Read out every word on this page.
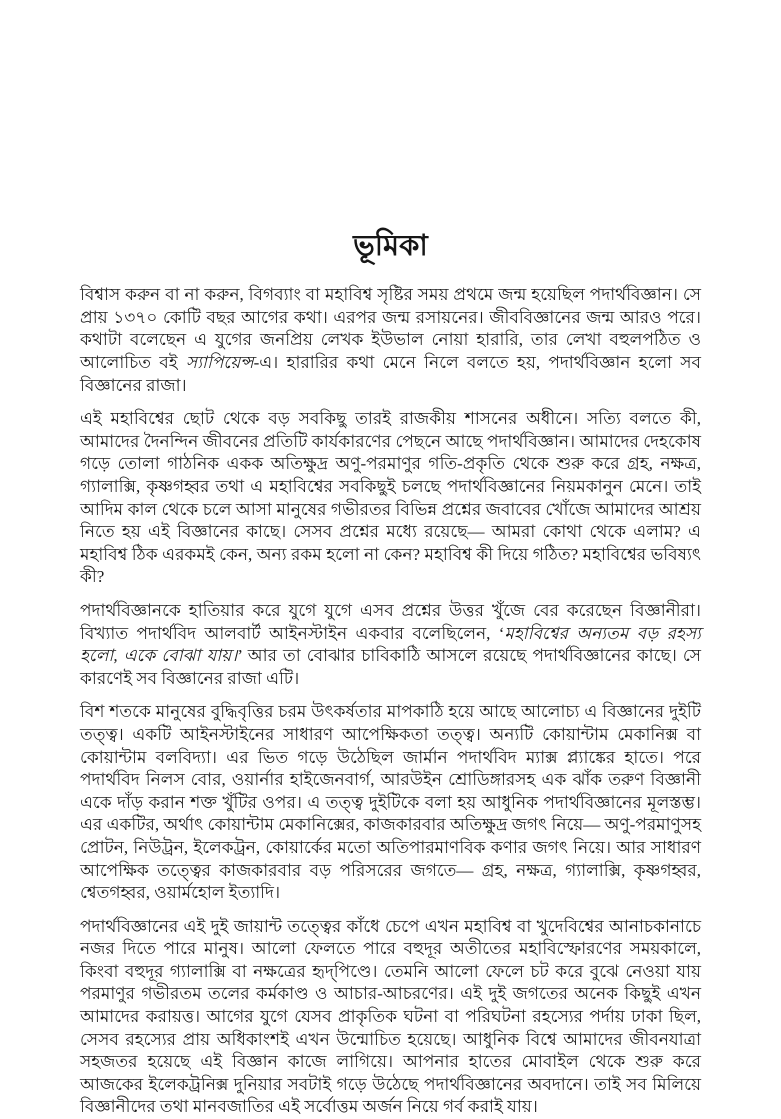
ভূমিকা

বিশ্বাস করুন বা না করুন, বিগব্যাং বা মহাবিশ্ব সৃষ্টির সময় প্রথমে জন্ম হয়েছিল পদার্থবিজ্ঞান। সে প্রায় ১৩৭০ কোটি বছর আগের কথা। এরপর জন্ম রসায়নের। জীববিজ্ঞানের জন্ম আরও পরে। কথাটা বলেছেন এ যুগের জনপ্রিয় লেখক ইউভাল নোয়া হারারি, তার লেখা বহুলপঠিত ও আলোচিত বই স্যাপিয়েন্স-এ। হারারির কথা মেনে নিলে বলতে হয়, পদার্থবিজ্ঞান হলো সব বিজ্ঞানের রাজা।

এই মহাবিশ্বের ছোট থেকে বড় সবকিছু তারই রাজকীয় শাসনের অধীনে। সত্যি বলতে কী, আমাদের দৈনন্দিন জীবনের প্রতিটি কার্যকারণের পেছনে আছে পদার্থবিজ্ঞান। আমাদের দেহকোষ গড়ে তোলা গাঠনিক একক অতিক্ষুদ্র অণু-পরমাণুর গতি-প্রকৃতি থেকে শুরু করে গ্রহ, নক্ষত্র, গ্যালাক্সি, কৃষ্ণগহ্বর তথা এ মহাবিশ্বের সবকিছুই চলছে পদার্থবিজ্ঞানের নিয়মকানুন মেনে। তাই আদিম কাল থেকে চলে আসা মানুষের গভীরতর বিভিন্ন প্রশ্নের জবাবের খোঁজে আমাদের আশ্রয় নিতে হয় এই বিজ্ঞানের কাছে। সেসব প্রশ্নের মধ্যে রয়েছে— আমরা কোথা থেকে এলাম? এ মহাবিশ্ব ঠিক এরকমই কেন, অন্য রকম হলো না কেন? মহাবিশ্ব কী দিয়ে গঠিত? মহাবিশ্বের ভবিষ্যৎ কী?

পদার্থবিজ্ঞানকে হাতিয়ার করে যুগে যুগে এসব প্রশ্নের উত্তর খুঁজে বের করেছেন বিজ্ঞানীরা। বিখ্যাত পদার্থবিদ আলবার্ট আইনস্টাইন একবার বলেছিলেন, ‘মহাবিশ্বের অন্যতম বড় রহস্য হলো, একে বোঝা যায়।’ আর তা বোঝার চাবিকাঠি আসলে রয়েছে পদার্থবিজ্ঞানের কাছে। সে কারণেই সব বিজ্ঞানের রাজা এটি।

বিশ শতকে মানুষের বুদ্ধিবৃত্তির চরম উৎকর্ষতার মাপকাঠি হয়ে আছে আলোচ্য এ বিজ্ঞানের দুইটি তত্ত্ব। একটি আইনস্টাইনের সাধারণ আপেক্ষিকতা তত্ত্ব। অন্যটি কোয়ান্টাম মেকানিক্স বা কোয়ান্টাম বলবিদ্যা। এর ভিত গড়ে উঠেছিল জার্মান পদার্থবিদ ম্যাক্স প্ল্যাঙ্কের হাতে। পরে পদার্থবিদ নিলস বোর, ওয়ার্নার হাইজেনবার্গ, আরউইন শ্রোডিঙ্গারসহ এক ঝাঁক তরুণ বিজ্ঞানী একে দাঁড় করান শক্ত খুঁটির ওপর। এ তত্ত্ব দুইটিকে বলা হয় আধুনিক পদার্থবিজ্ঞানের মূলস্তম্ভ। এর একটির, অর্থাৎ কোয়ান্টাম মেকানিক্সের, কাজকারবার অতিক্ষুদ্র জগৎ নিয়ে— অণু-পরমাণুসহ প্রোটন, নিউট্রন, ইলেকট্রন, কোয়ার্কের মতো অতিপারমাণবিক কণার জগৎ নিয়ে। আর সাধারণ আপেক্ষিক তত্ত্বের কাজকারবার বড় পরিসরের জগতে— গ্রহ, নক্ষত্র, গ্যালাক্সি, কৃষ্ণগহ্বর, শ্বেতগহ্বর, ওয়ার্মহোল ইত্যাদি।

পদার্থবিজ্ঞানের এই দুই জায়ান্ট তত্ত্বের কাঁধে চেপে এখন মহাবিশ্ব বা খুদেবিশ্বের আনাচকানাচে নজর দিতে পারে মানুষ। আলো ফেলতে পারে বহুদূর অতীতের মহাবিস্ফোরণের সময়কালে, কিংবা বহুদূর গ্যালাক্সি বা নক্ষত্রের হৃদ্‌পিণ্ডে। তেমনি আলো ফেলে চট করে বুঝে নেওয়া যায় পরমাণুর গভীরতম তলের কর্মকাণ্ড ও আচার-আচরণের। এই দুই জগতের অনেক কিছুই এখন আমাদের করায়ত্ত। আগের যুগে যেসব প্রাকৃতিক ঘটনা বা পরিঘটনা রহস্যের পর্দায় ঢাকা ছিল, সেসব রহস্যের প্রায় অধিকাংশই এখন উন্মোচিত হয়েছে। আধুনিক বিশ্বে আমাদের জীবনযাত্রা সহজতর হয়েছে এই বিজ্ঞান কাজে লাগিয়ে। আপনার হাতের মোবাইল থেকে শুরু করে আজকের ইলেকট্রনিক্স দুনিয়ার সবটাই গড়ে উঠেছে পদার্থবিজ্ঞানের অবদানে। তাই সব মিলিয়ে বিজ্ঞানীদের তথা মানবজাতির এই সর্বোত্তম অর্জন নিয়ে গর্ব করাই যায়।
